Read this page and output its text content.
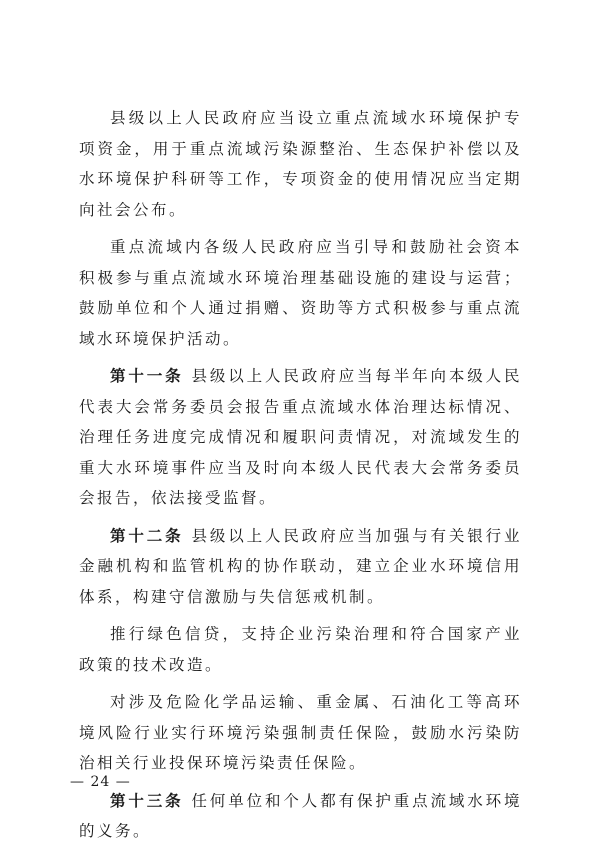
县级以上人民政府应当设立重点流域水环境保护专项资金，用于重点流域污染源整治、生态保护补偿以及水环境保护科研等工作，专项资金的使用情况应当定期向社会公布。

重点流域内各级人民政府应当引导和鼓励社会资本积极参与重点流域水环境治理基础设施的建设与运营；鼓励单位和个人通过捐赠、资助等方式积极参与重点流域水环境保护活动。

第十一条 县级以上人民政府应当每半年向本级人民代表大会常务委员会报告重点流域水体治理达标情况、治理任务进度完成情况和履职问责情况，对流域发生的重大水环境事件应当及时向本级人民代表大会常务委员会报告，依法接受监督。

第十二条 县级以上人民政府应当加强与有关银行业金融机构和监管机构的协作联动，建立企业水环境信用体系，构建守信激励与失信惩戒机制。

推行绿色信贷，支持企业污染治理和符合国家产业政策的技术改造。

对涉及危险化学品运输、重金属、石油化工等高环境风险行业实行环境污染强制责任保险，鼓励水污染防治相关行业投保环境污染责任保险。

第十三条 任何单位和个人都有保护重点流域水环境的义务。

— 24 —
